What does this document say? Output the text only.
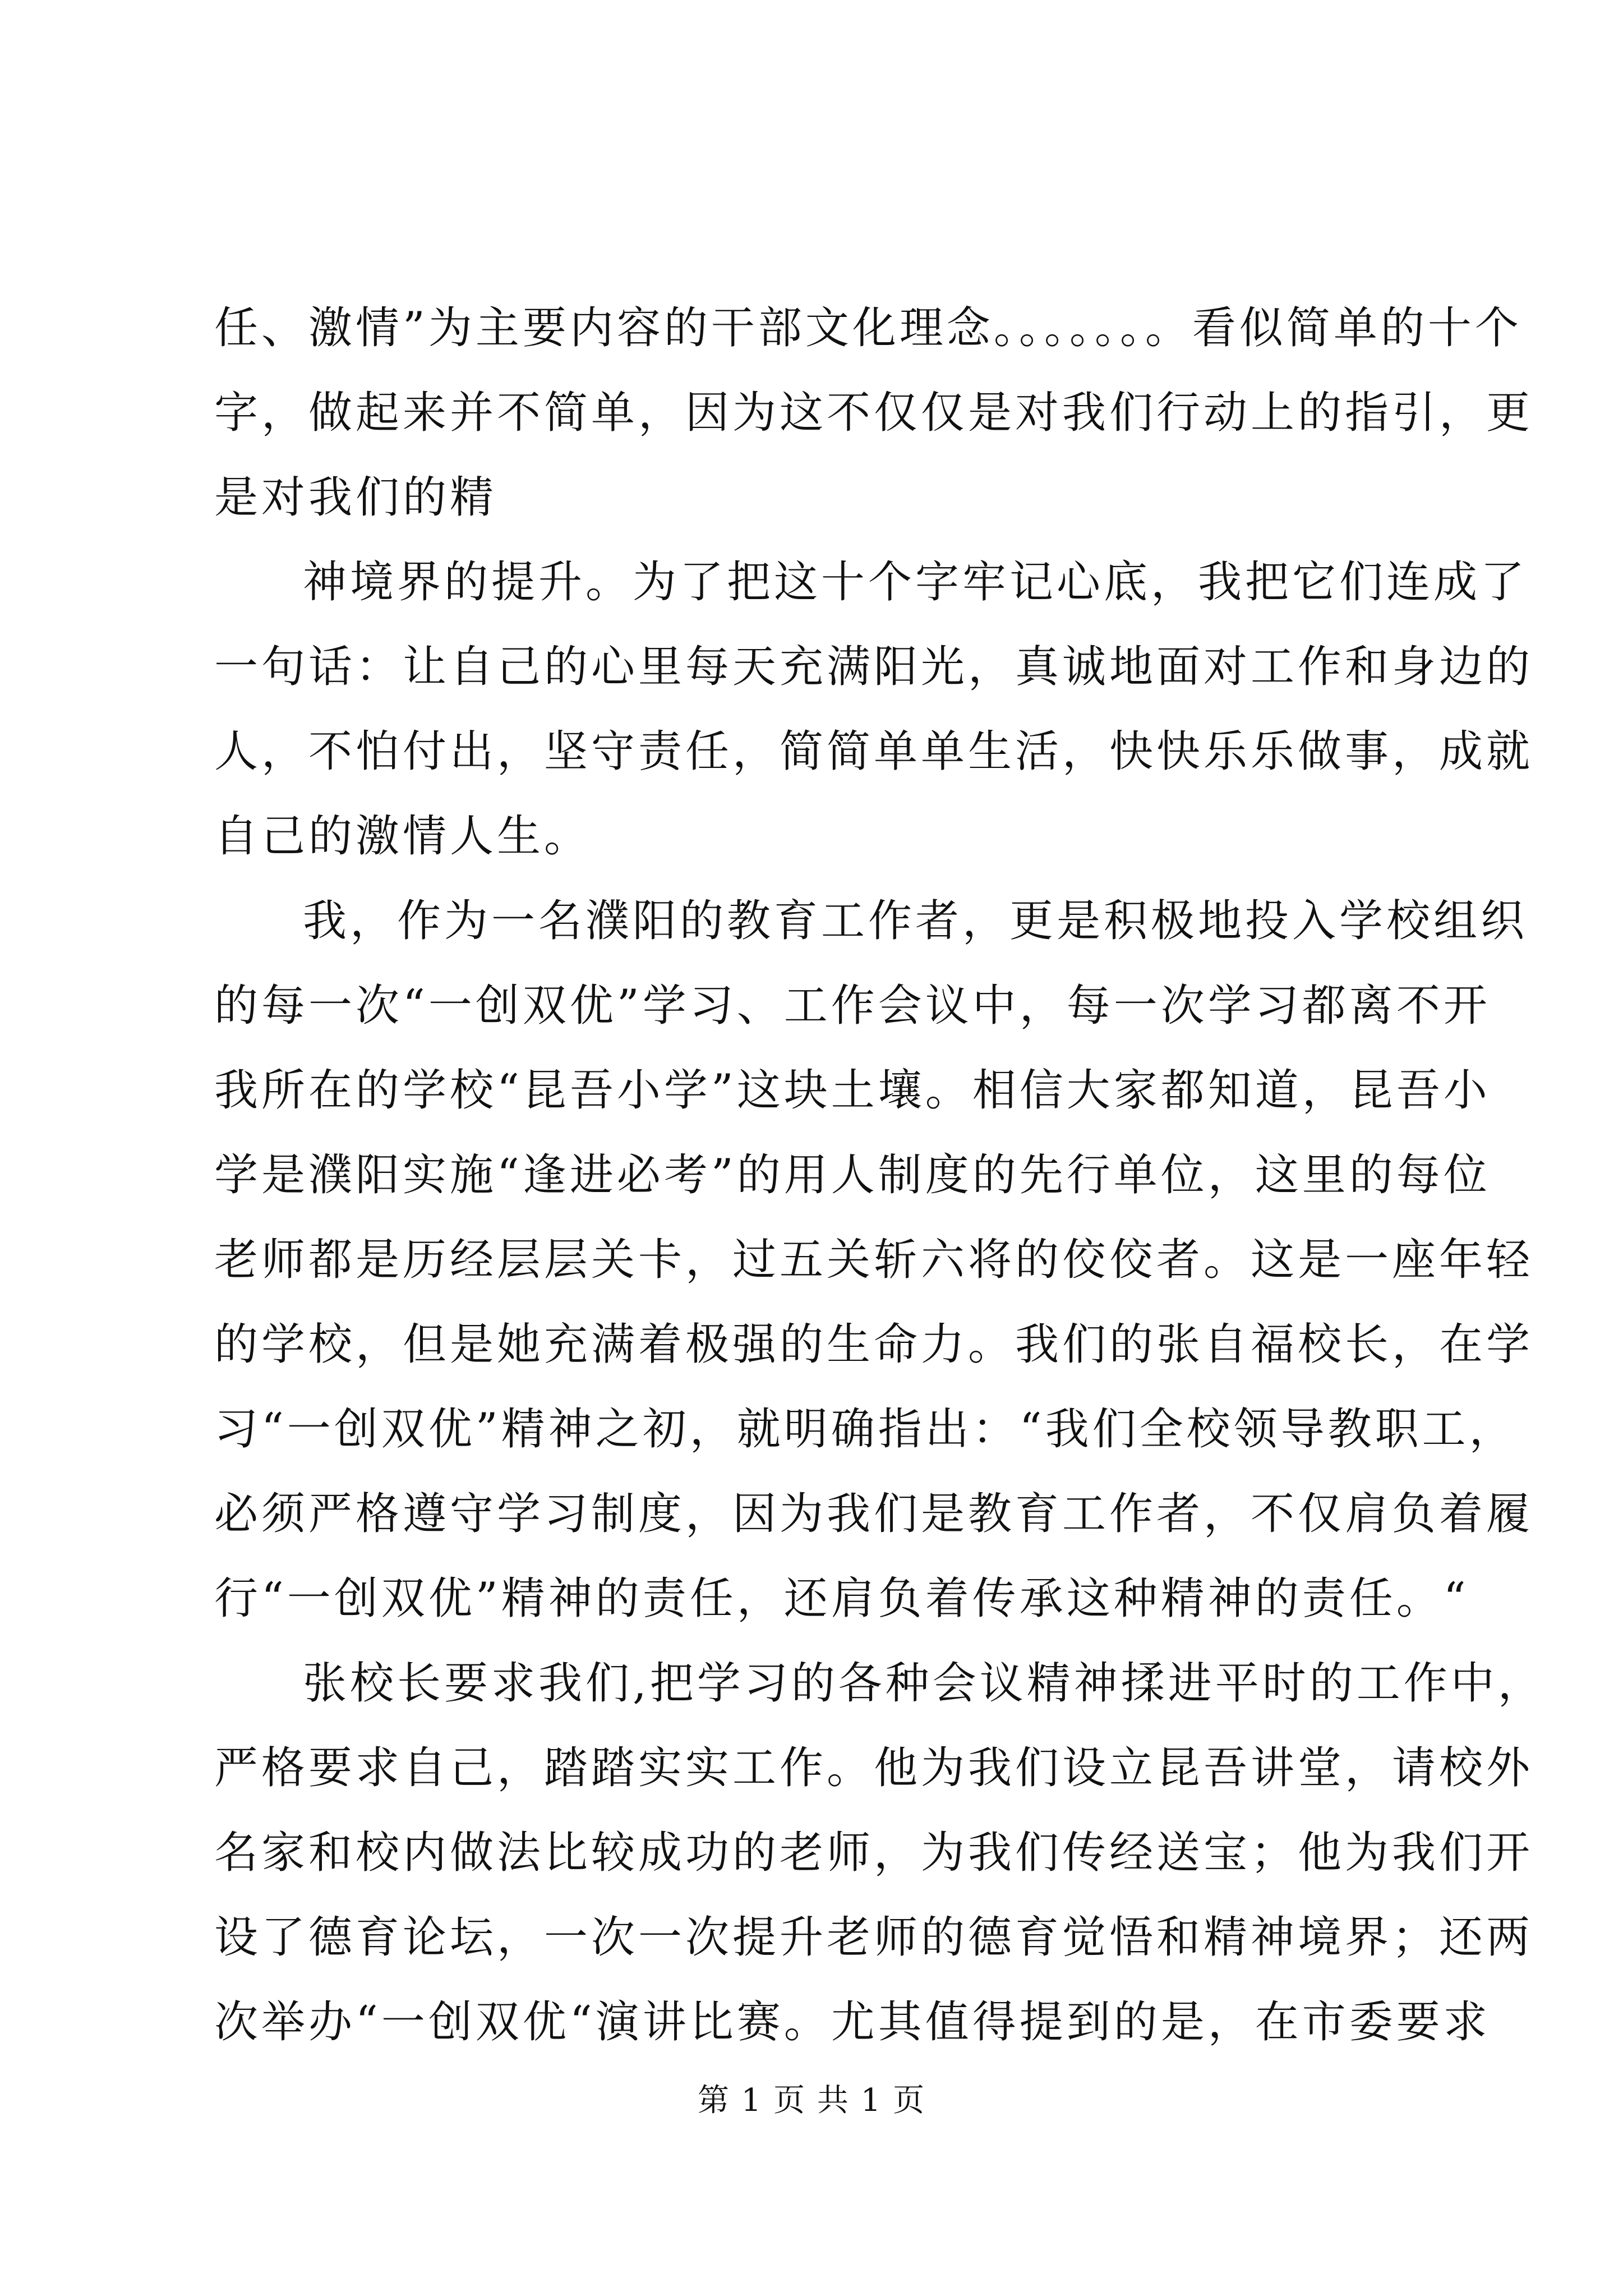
任、激情”为主要内容的干部文化理念。。。。。。。看似简单的十个
字，做起来并不简单，因为这不仅仅是对我们行动上的指引，更
是对我们的精
神境界的提升。为了把这十个字牢记心底，我把它们连成了
一句话：让自己的心里每天充满阳光，真诚地面对工作和身边的
人，不怕付出，坚守责任，简简单单生活，快快乐乐做事，成就
自己的激情人生。
我，作为一名濮阳的教育工作者，更是积极地投入学校组织
的每一次“一创双优”学习、工作会议中，每一次学习都离不开
我所在的学校“昆吾小学”这块土壤。相信大家都知道，昆吾小
学是濮阳实施“逢进必考”的用人制度的先行单位，这里的每位
老师都是历经层层关卡，过五关斩六将的佼佼者。这是一座年轻
的学校，但是她充满着极强的生命力。我们的张自福校长，在学
习“一创双优”精神之初，就明确指出：“我们全校领导教职工，
必须严格遵守学习制度，因为我们是教育工作者，不仅肩负着履
行“一创双优”精神的责任，还肩负着传承这种精神的责任。“
张校长要求我们,把学习的各种会议精神揉进平时的工作中，
严格要求自己，踏踏实实工作。他为我们设立昆吾讲堂，请校外
名家和校内做法比较成功的老师，为我们传经送宝；他为我们开
设了德育论坛，一次一次提升老师的德育觉悟和精神境界；还两
次举办“一创双优“演讲比赛。尤其值得提到的是，在市委要求
第 1 页 共 1 页
